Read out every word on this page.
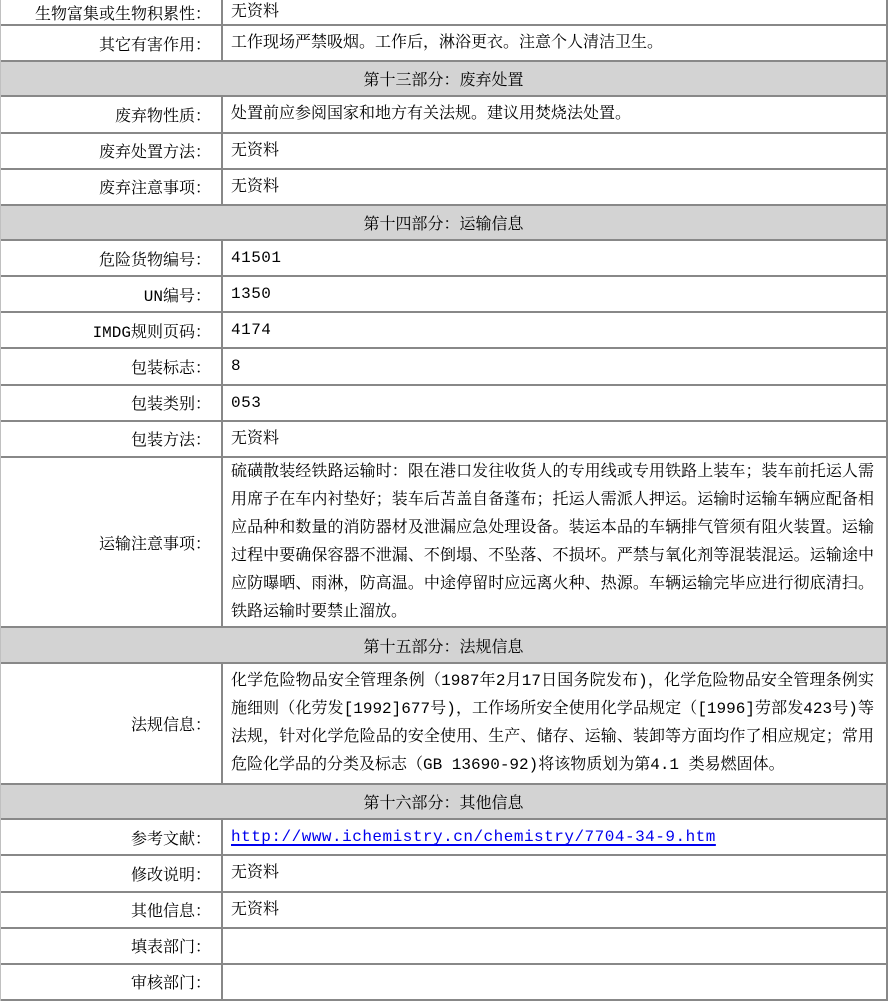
生物富集或生物积累性：	无资料
其它有害作用：	工作现场严禁吸烟。工作后，淋浴更衣。注意个人清洁卫生。
第十三部分：废弃处置
废弃物性质：	处置前应参阅国家和地方有关法规。建议用焚烧法处置。
废弃处置方法：	无资料
废弃注意事项：	无资料
第十四部分：运输信息
危险货物编号：	41501
UN编号：	1350
IMDG规则页码：	4174
包装标志：	8
包装类别：	053
包装方法：	无资料
运输注意事项：
硫磺散装经铁路运输时：限在港口发往收货人的专用线或专用铁路上装车；装车前托运人需用席子在车内衬垫好；装车后苫盖自备蓬布；托运人需派人押运。运输时运输车辆应配备相应品种和数量的消防器材及泄漏应急处理设备。装运本品的车辆排气管须有阻火装置。运输过程中要确保容器不泄漏、不倒塌、不坠落、不损坏。严禁与氧化剂等混装混运。运输途中应防曝晒、雨淋，防高温。中途停留时应远离火种、热源。车辆运输完毕应进行彻底清扫。铁路运输时要禁止溜放。
第十五部分：法规信息
法规信息：
化学危险物品安全管理条例（1987年2月17日国务院发布)，化学危险物品安全管理条例实施细则（化劳发[1992]677号)，工作场所安全使用化学品规定（[1996]劳部发423号)等法规，针对化学危险品的安全使用、生产、储存、运输、装卸等方面均作了相应规定；常用危险化学品的分类及标志（GB 13690-92)将该物质划为第4.1 类易燃固体。
第十六部分：其他信息
参考文献：	http://www.ichemistry.cn/chemistry/7704-34-9.htm
修改说明：	无资料
其他信息：	无资料
填表部门：
审核部门：
